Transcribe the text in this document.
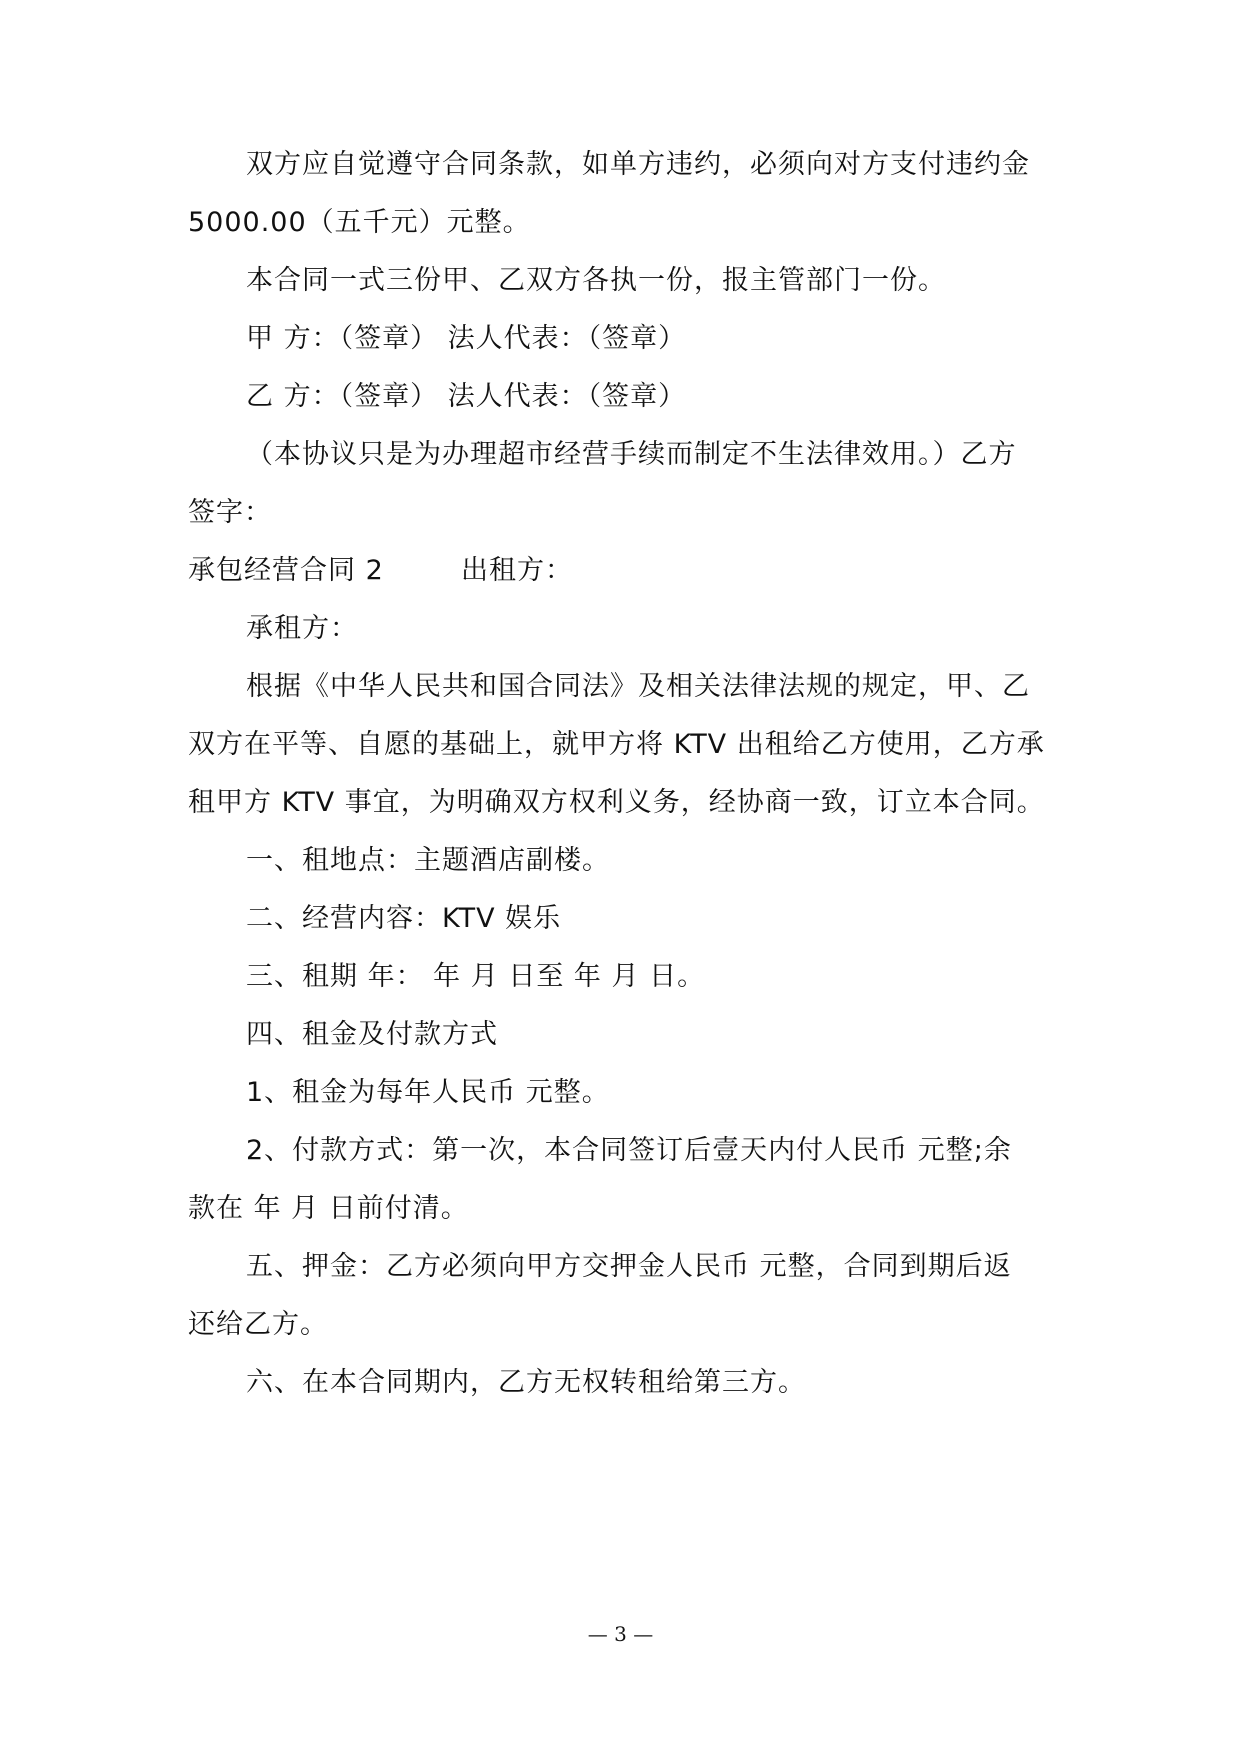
双方应自觉遵守合同条款，如单方违约，必须向对方支付违约金
5000.00（五千元）元整。
本合同一式三份甲、乙双方各执一份，报主管部门一份。
甲 方：（签章） 法人代表：（签章）
乙 方：（签章） 法人代表：（签章）
（本协议只是为办理超市经营手续而制定不生法律效用。）乙方
签字：
承包经营合同 2	出租方：
承租方：
根据《中华人民共和国合同法》及相关法律法规的规定，甲、乙
双方在平等、自愿的基础上，就甲方将 KTV 出租给乙方使用，乙方承
租甲方 KTV 事宜，为明确双方权利义务，经协商一致，订立本合同。
一、租地点：主题酒店副楼。
二、经营内容：KTV 娱乐
三、租期 年： 年 月 日至 年 月 日。
四、租金及付款方式
1、租金为每年人民币 元整。
2、付款方式：第一次，本合同签订后壹天内付人民币 元整;余
款在 年 月 日前付清。
五、押金：乙方必须向甲方交押金人民币 元整，合同到期后返
还给乙方。
六、在本合同期内，乙方无权转租给第三方。
— 3 —
